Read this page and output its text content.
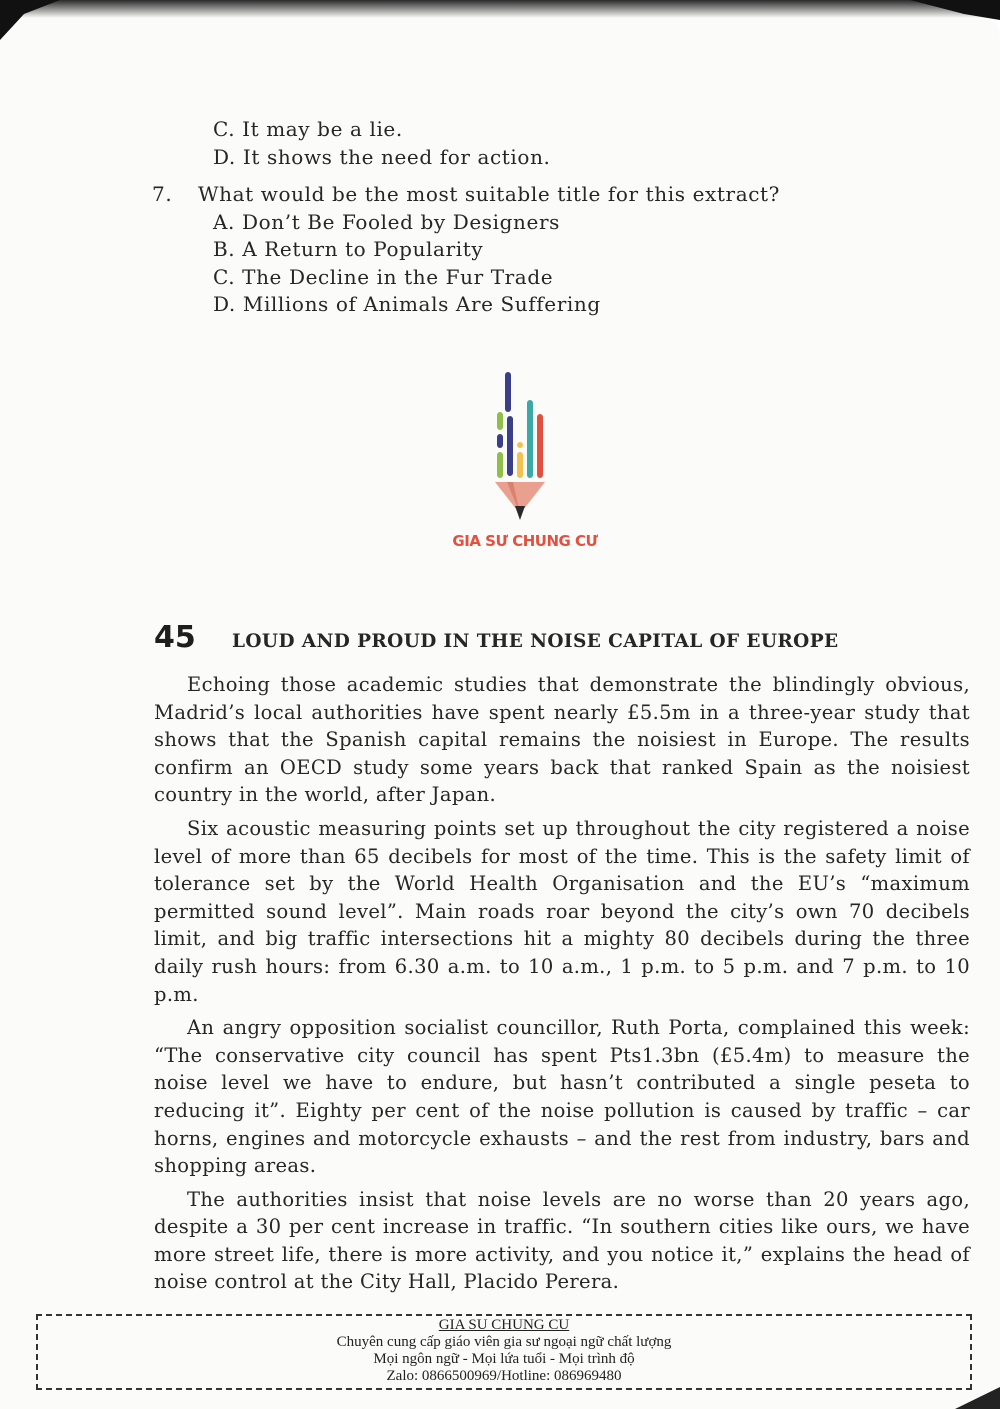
C. It may be a lie.
D. It shows the need for action.
7. What would be the most suitable title for this extract?
A. Don’t Be Fooled by Designers
B. A Return to Popularity
C. The Decline in the Fur Trade
D. Millions of Animals Are Suffering
GIA SƯ CHUNG CƯ
45 LOUD AND PROUD IN THE NOISE CAPITAL OF EUROPE

Echoing those academic studies that demonstrate the blindingly obvious, Madrid’s local authorities have spent nearly £5.5m in a three-year study that shows that the Spanish capital remains the noisiest in Europe. The results confirm an OECD study some years back that ranked Spain as the noisiest country in the world, after Japan.

Six acoustic measuring points set up throughout the city registered a noise level of more than 65 decibels for most of the time. This is the safety limit of tolerance set by the World Health Organisation and the EU’s “maximum permitted sound level”. Main roads roar beyond the city’s own 70 decibels limit, and big traffic intersections hit a mighty 80 decibels during the three daily rush hours: from 6.30 a.m. to 10 a.m., 1 p.m. to 5 p.m. and 7 p.m. to 10 p.m.

An angry opposition socialist councillor, Ruth Porta, complained this week: “The conservative city council has spent Pts1.3bn (£5.4m) to measure the noise level we have to endure, but hasn’t contributed a single peseta to reducing it”. Eighty per cent of the noise pollution is caused by traffic – car horns, engines and motorcycle exhausts – and the rest from industry, bars and shopping areas.

The authorities insist that noise levels are no worse than 20 years ago, despite a 30 per cent increase in traffic. “In southern cities like ours, we have more street life, there is more activity, and you notice it,” explains the head of noise control at the City Hall, Placido Perera.

GIA SU CHUNG CU
Chuyên cung cấp giáo viên gia sư ngoại ngữ chất lượng
Mọi ngôn ngữ - Mọi lứa tuổi - Mọi trình độ
Zalo: 0866500969/Hotline: 086969480
